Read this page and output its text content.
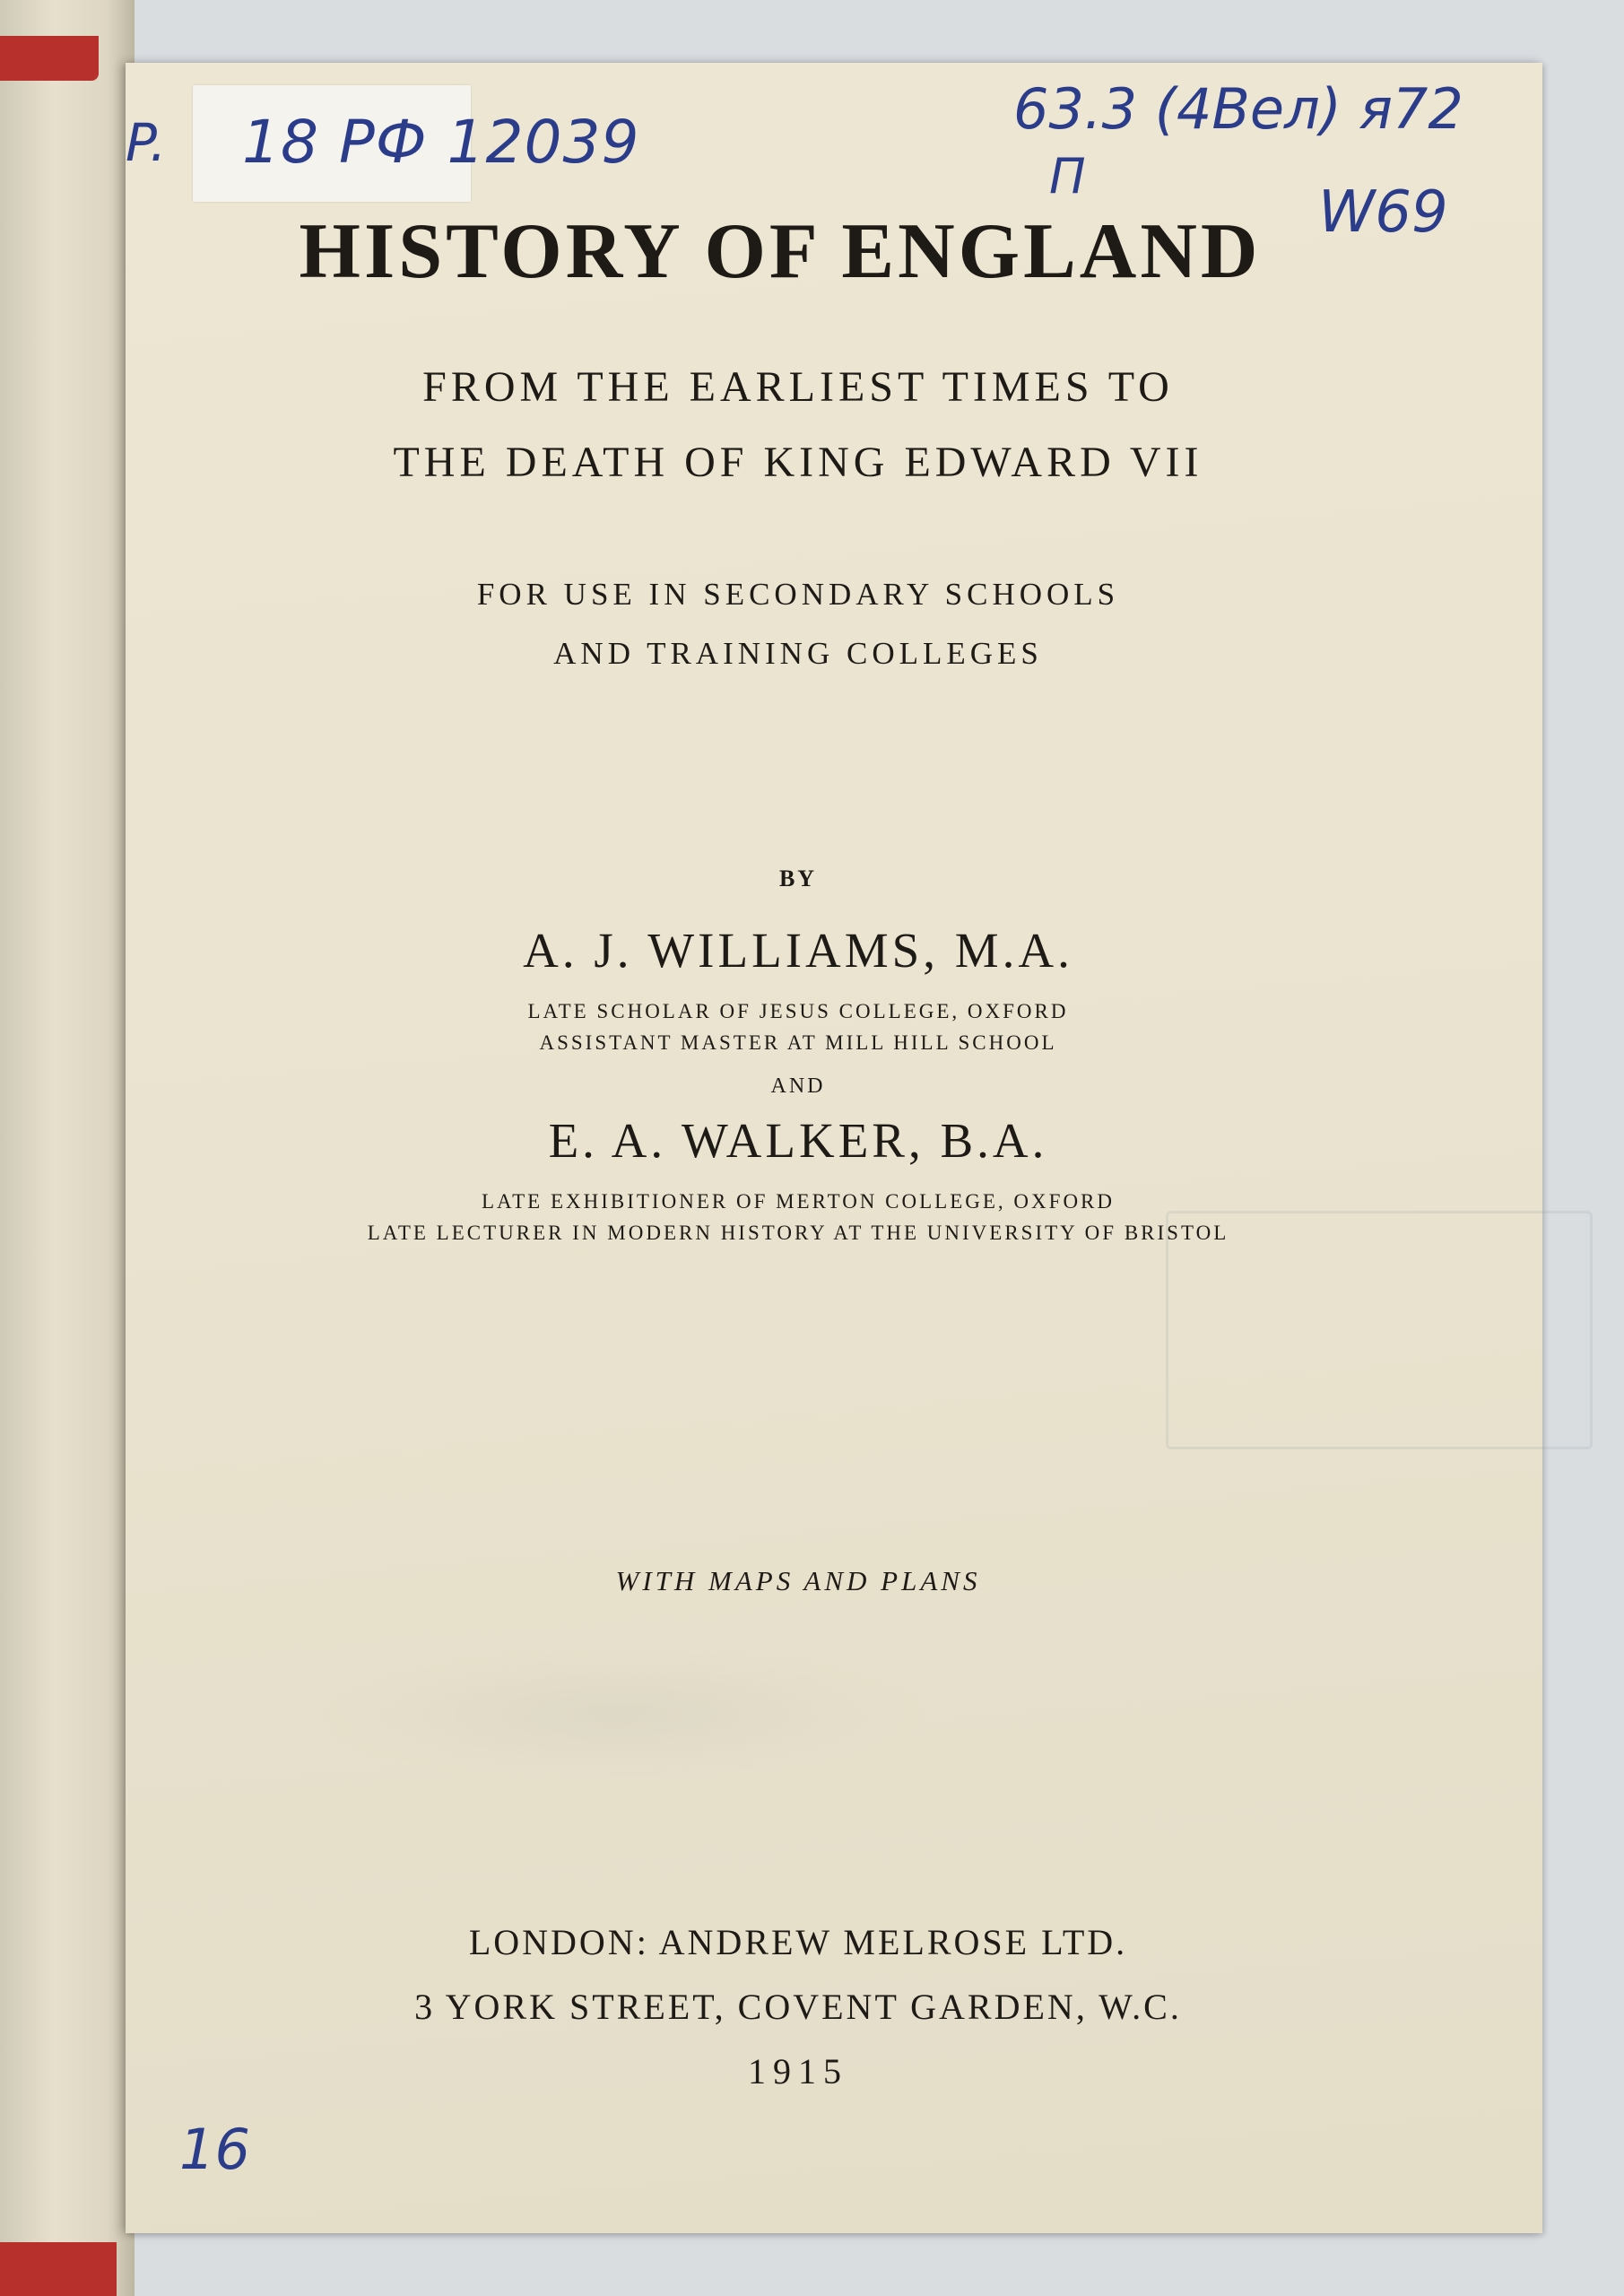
HISTORY OF ENGLAND
FROM THE EARLIEST TIMES TO
THE DEATH OF KING EDWARD VII
FOR USE IN SECONDARY SCHOOLS
AND TRAINING COLLEGES
BY
A. J. WILLIAMS, M.A.
LATE SCHOLAR OF JESUS COLLEGE, OXFORD
ASSISTANT MASTER AT MILL HILL SCHOOL
AND
E. A. WALKER, B.A.
LATE EXHIBITIONER OF MERTON COLLEGE, OXFORD
LATE LECTURER IN MODERN HISTORY AT THE UNIVERSITY OF BRISTOL
WITH MAPS AND PLANS
LONDON: ANDREW MELROSE LTD.
3 YORK STREET, COVENT GARDEN, W.C.
1915
18 РФ 12039
P.
63.3 (4Вел) я72
П
W69
16
